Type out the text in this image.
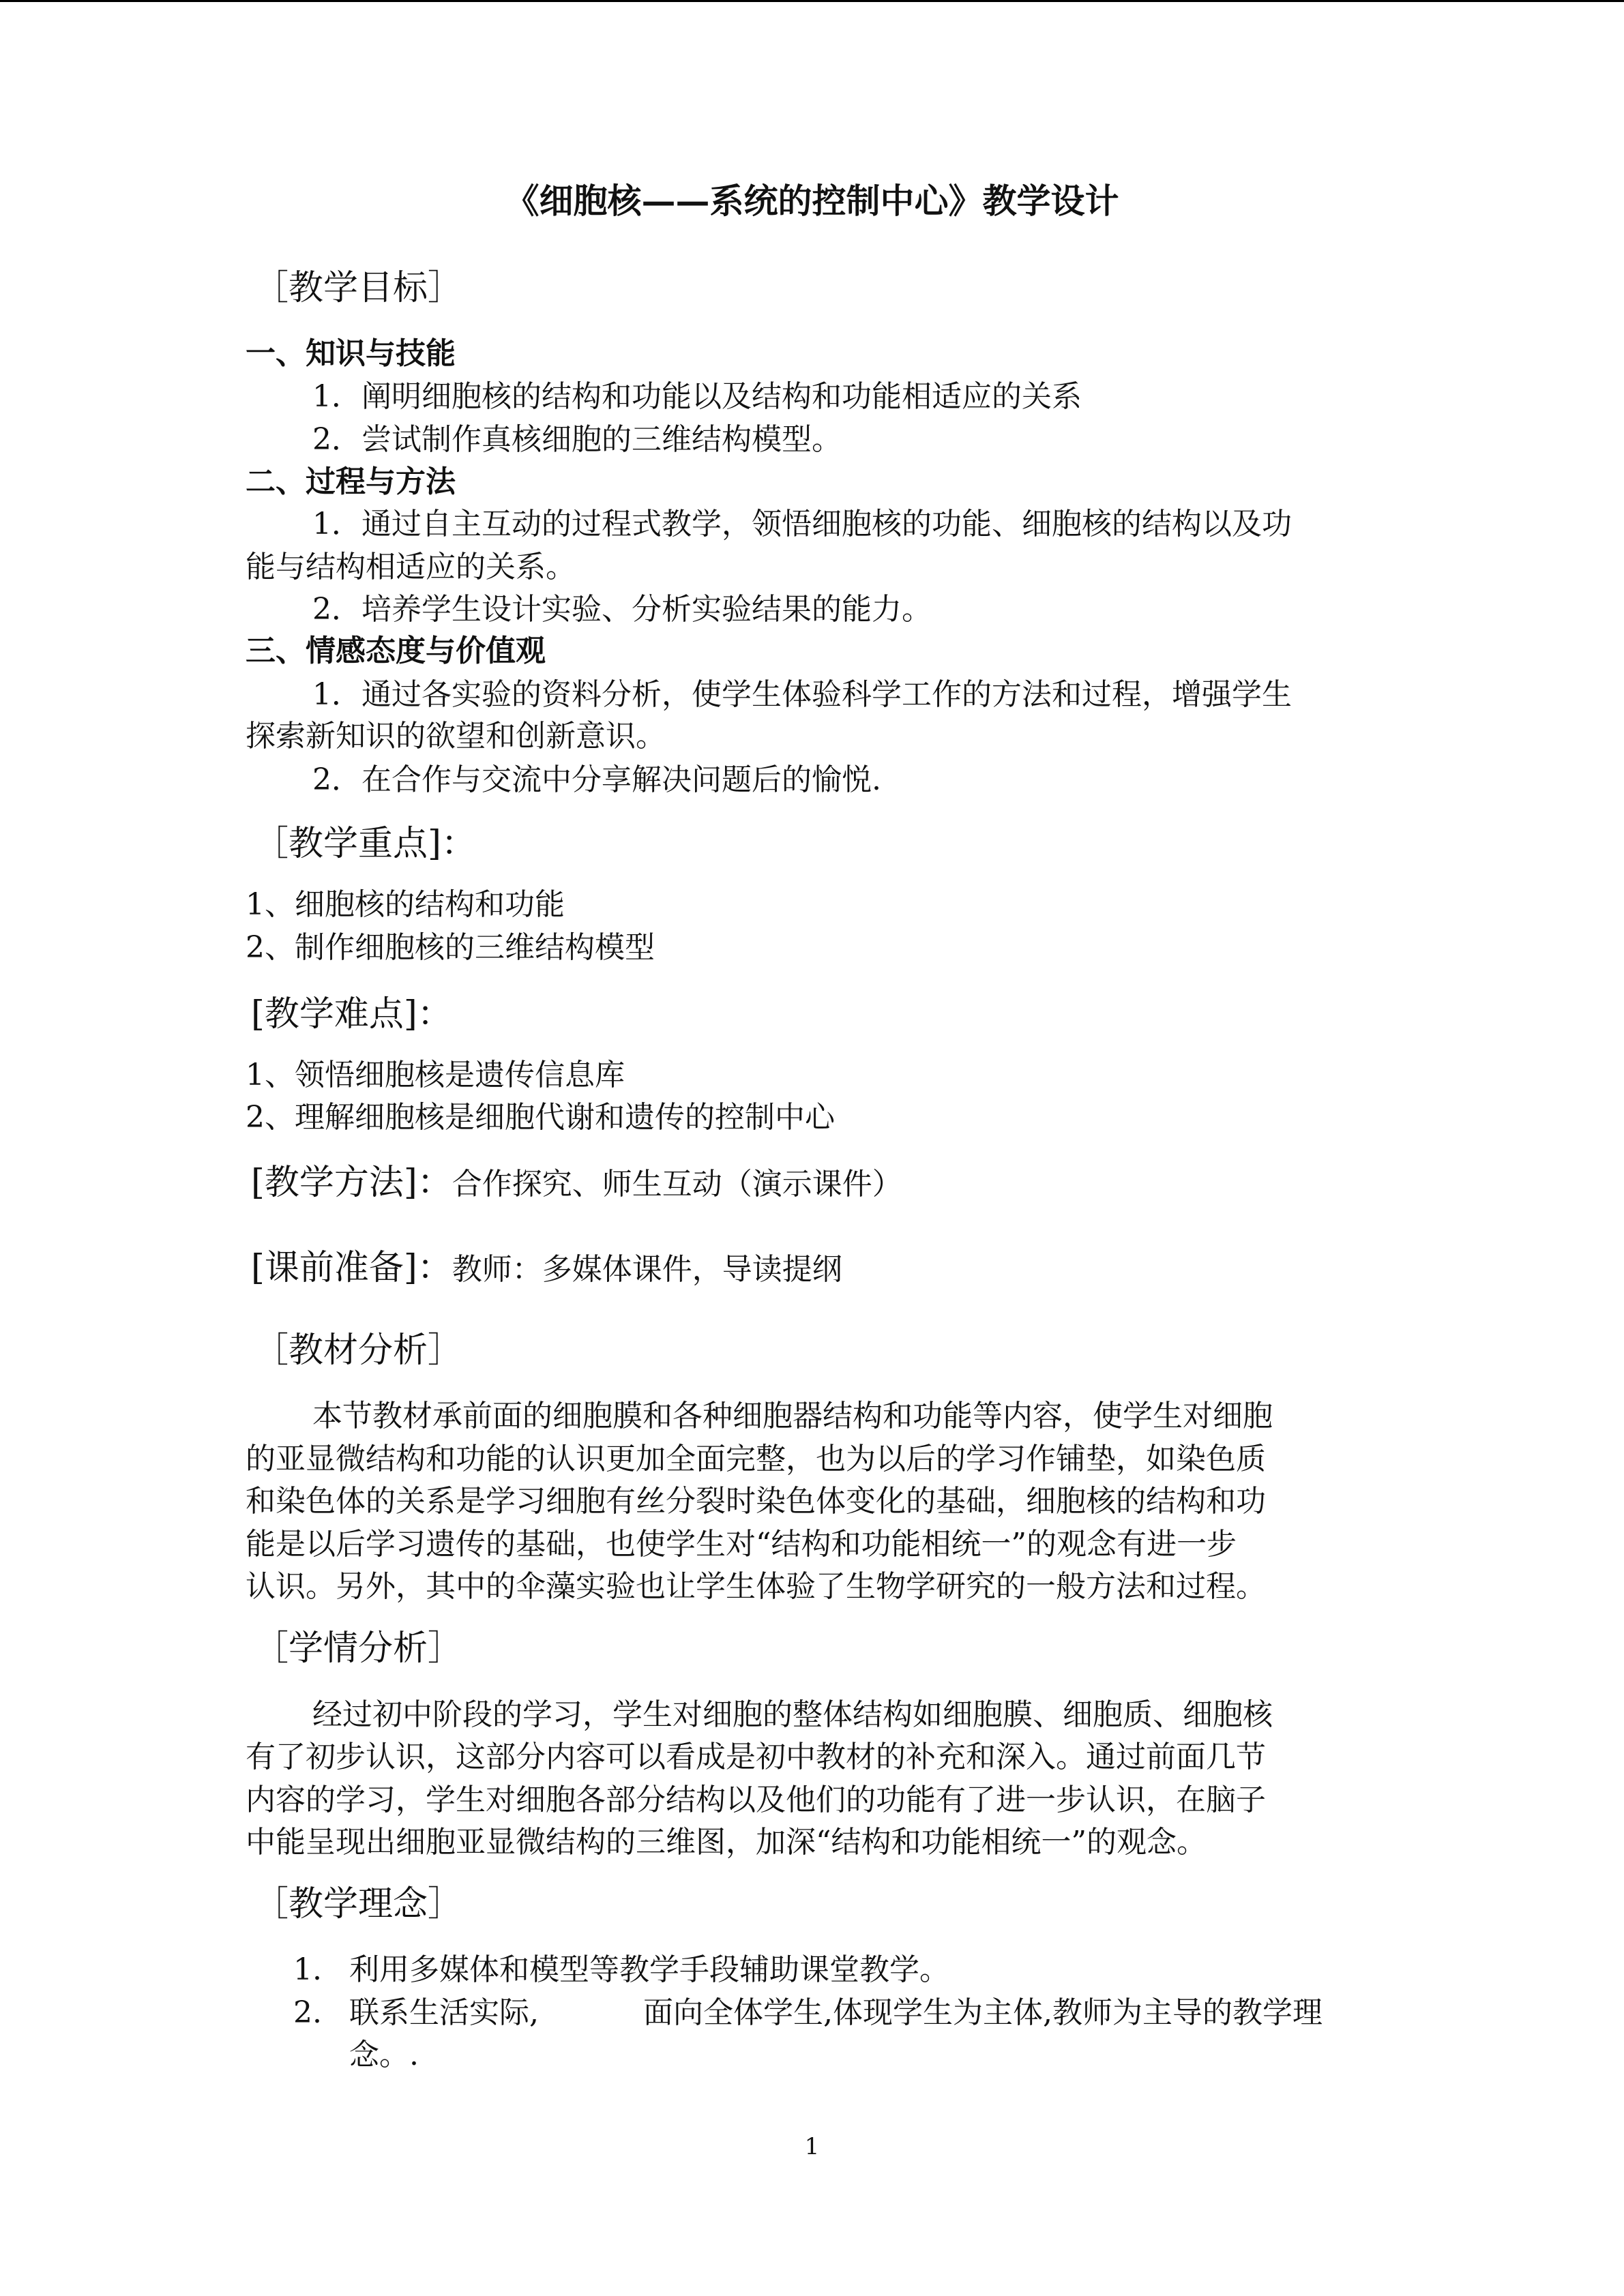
《细胞核——系统的控制中心》教学设计
［教学目标］
一、知识与技能
1．阐明细胞核的结构和功能以及结构和功能相适应的关系
2．尝试制作真核细胞的三维结构模型。
二、过程与方法
1．通过自主互动的过程式教学，领悟细胞核的功能、细胞核的结构以及功
能与结构相适应的关系。
2．培养学生设计实验、分析实验结果的能力。
三、情感态度与价值观
1．通过各实验的资料分析，使学生体验科学工作的方法和过程，增强学生
探索新知识的欲望和创新意识。
2．在合作与交流中分享解决问题后的愉悦.
［教学重点]：
1、细胞核的结构和功能
2、制作细胞核的三维结构模型
[教学难点]：
1、领悟细胞核是遗传信息库
2、理解细胞核是细胞代谢和遗传的控制中心
[教学方法]：合作探究、师生互动（演示课件）
[课前准备]：教师：多媒体课件，导读提纲
［教材分析］
本节教材承前面的细胞膜和各种细胞器结构和功能等内容，使学生对细胞
的亚显微结构和功能的认识更加全面完整，也为以后的学习作铺垫，如染色质
和染色体的关系是学习细胞有丝分裂时染色体变化的基础，细胞核的结构和功
能是以后学习遗传的基础，也使学生对“结构和功能相统一”的观念有进一步
认识。另外，其中的伞藻实验也让学生体验了生物学研究的一般方法和过程。
［学情分析］
经过初中阶段的学习，学生对细胞的整体结构如细胞膜、细胞质、细胞核
有了初步认识，这部分内容可以看成是初中教材的补充和深入。通过前面几节
内容的学习，学生对细胞各部分结构以及他们的功能有了进一步认识，在脑子
中能呈现出细胞亚显微结构的三维图，加深“结构和功能相统一”的观念。
［教学理念］
1. 利用多媒体和模型等教学手段辅助课堂教学。
2. 联系生活实际,	面向全体学生,体现学生为主体,教师为主导的教学理
念。.
1
